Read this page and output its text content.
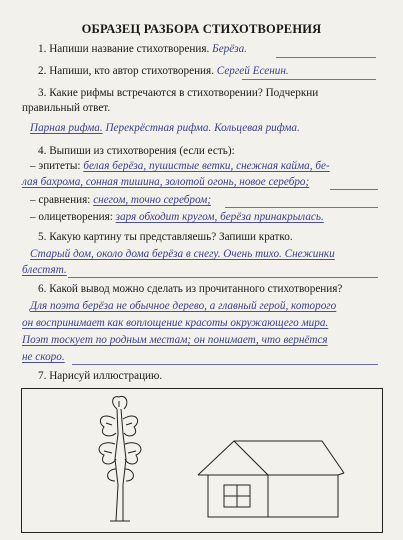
ОБРАЗЕЦ РАЗБОРА СТИХОТВОРЕНИЯ
1. Напиши название стихотворения. Берёза.
2. Напиши, кто автор стихотворения. Сергей Есенин.
3. Какие рифмы встречаются в стихотворении? Подчеркни
правильный ответ.
Парная рифма. Перекрёстная рифма. Кольцевая рифма.
4. Выпиши из стихотворения (если есть):
– эпитеты: белая берёза, пушистые ветки, снежная кайма, бе-
лая бахрома, сонная тишина, золотой огонь, новое серебро;
– сравнения: снегом, точно серебром;
– олицетворения: заря обходит кругом, берёза принакрылась.
5. Какую картину ты представляешь? Запиши кратко.
Старый дом, около дома берёза в снегу. Очень тихо. Снежинки
блестят.
6. Какой вывод можно сделать из прочитанного стихотворения?
Для поэта берёза не обычное дерево, а главный герой, которого
он воспринимает как воплощение красоты окружающего мира.
Поэт тоскует по родным местам; он понимает, что вернётся
не скоро.
7. Нарисуй иллюстрацию.
